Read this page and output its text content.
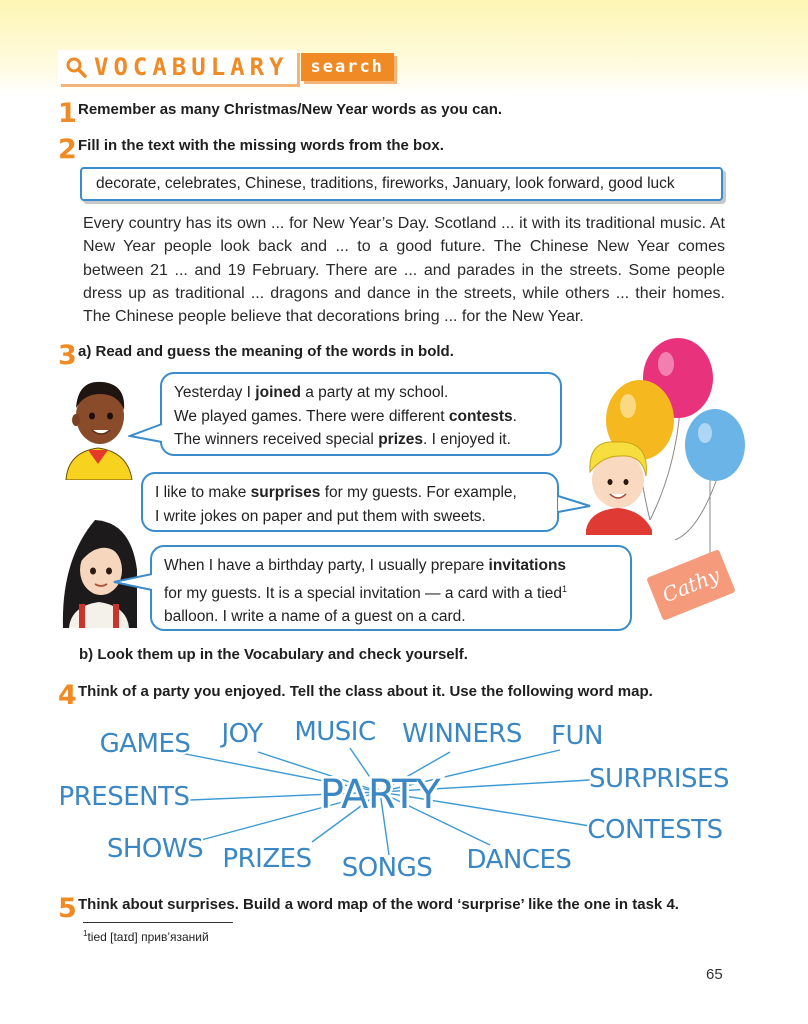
VOCABULARY	search
1 Remember as many Christmas/New Year words as you can.
2 Fill in the text with the missing words from the box.
decorate, celebrates, Chinese, traditions, fireworks, January, look forward, good luck
Every country has its own ... for New Year’s Day. Scotland ... it with its traditional music. At New Year people look back and ... to a good future. The Chinese New Year comes between 21 ... and 19 February. There are ... and parades in the streets. Some people dress up as traditional ... dragons and dance in the streets, while others ... their homes. The Chinese people believe that decorations bring ... for the New Year.
3 a) Read and guess the meaning of the words in bold.
Yesterday I joined a party at my school.
We played games. There were different contests.
The winners received special prizes. I enjoyed it.
I like to make surprises for my guests. For example,
I write jokes on paper and put them with sweets.
When I have a birthday party, I usually prepare invitations
for my guests. It is a special invitation — a card with a tied$^1$
balloon. I write a name of a guest on a card.
Cathy
b) Look them up in the Vocabulary and check yourself.
4 Think of a party you enjoyed. Tell the class about it. Use the following word map.
PARTY
GAMES JOY MUSIC WINNERS FUN
PRESENTS
SURPRISES
CONTESTS
SHOWS PRIZES SONGS DANCES
5 Think about surprises. Build a word map of the word ‘surprise’ like the one in task 4.
$^1$tied [taɪd] прив’язаний
65
